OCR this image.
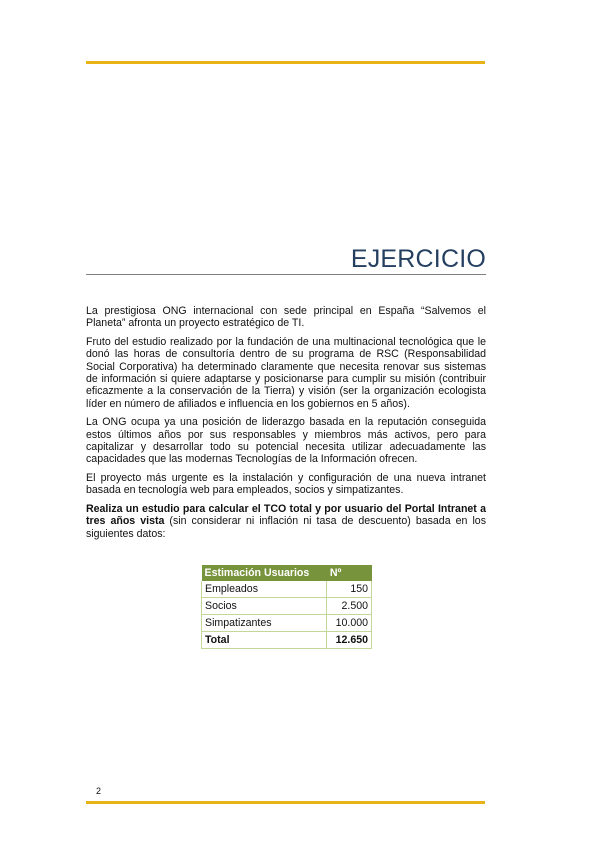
EJERCICIO

La prestigiosa ONG internacional con sede principal en España “Salvemos el Planeta” afronta un proyecto estratégico de TI.

Fruto del estudio realizado por la fundación de una multinacional tecnológica que le donó las horas de consultoría dentro de su programa de RSC (Responsabilidad Social Corporativa) ha determinado claramente que necesita renovar sus sistemas de información si quiere adaptarse y posicionarse para cumplir su misión (contribuir eficazmente a la conservación de la Tierra) y visión (ser la organización ecologista líder en número de afiliados e influencia en los gobiernos en 5 años).

La ONG ocupa ya una posición de liderazgo basada en la reputación conseguida estos últimos años por sus responsables y miembros más activos, pero para capitalizar y desarrollar todo su potencial necesita utilizar adecuadamente las capacidades que las modernas Tecnologías de la Información ofrecen.

El proyecto más urgente es la instalación y configuración de una nueva intranet basada en tecnología web para empleados, socios y simpatizantes.

Realiza un estudio para calcular el TCO total y por usuario del Portal Intranet a tres años vista (sin considerar ni inflación ni tasa de descuento) basada en los siguientes datos:

Estimación Usuarios	Nº
Empleados	150
Socios	2.500
Simpatizantes	10.000
Total	12.650
2
